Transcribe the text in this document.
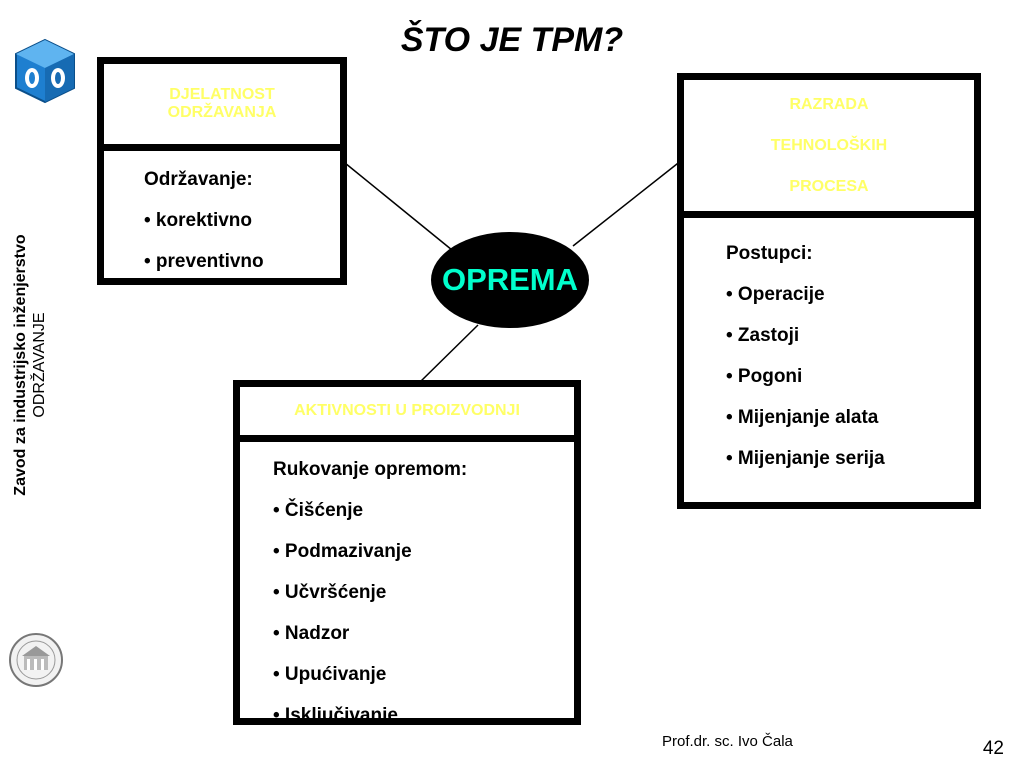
ŠTO JE TPM?
Zavod za industrijsko inženjerstvo ODRŽAVANJE
DJELATNOST
ODRŽAVANJA
Održavanje:
• korektivno
• preventivno
RAZRADA
TEHNOLOŠKIH
PROCESA
Postupci:
• Operacije
• Zastoji
• Pogoni
• Mijenjanje alata
• Mijenjanje serija
AKTIVNOSTI U PROIZVODNJI
Rukovanje opremom:
• Čišćenje
• Podmazivanje
• Učvršćenje
• Nadzor
• Upućivanje
• Isključivanje
OPREMA
Prof.dr. sc. Ivo Čala	42
